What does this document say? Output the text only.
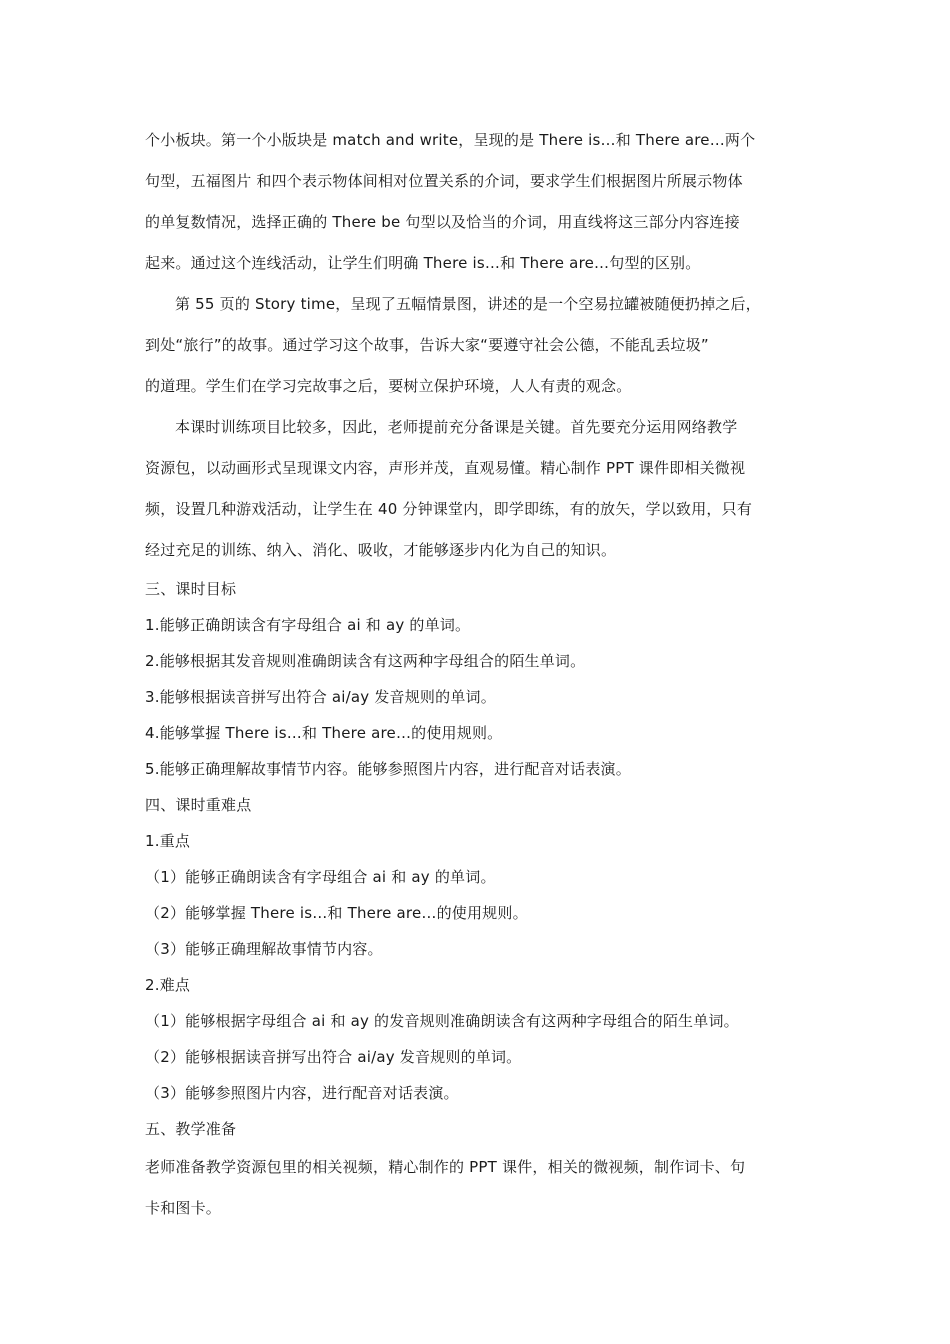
个小板块。第一个小版块是 match and write，呈现的是 There is…和 There are…两个

句型，五福图片 和四个表示物体间相对位置关系的介词，要求学生们根据图片所展示物体

的单复数情况，选择正确的 There be 句型以及恰当的介词，用直线将这三部分内容连接

起来。通过这个连线活动，让学生们明确 There is…和 There are…句型的区别。

第 55 页的 Story time，呈现了五幅情景图，讲述的是一个空易拉罐被随便扔掉之后，

到处“旅行”的故事。通过学习这个故事，告诉大家“要遵守社会公德，不能乱丢垃圾”

的道理。学生们在学习完故事之后，要树立保护环境，人人有责的观念。

本课时训练项目比较多，因此，老师提前充分备课是关键。首先要充分运用网络教学

资源包，以动画形式呈现课文内容，声形并茂，直观易懂。精心制作 PPT 课件即相关微视

频，设置几种游戏活动，让学生在 40 分钟课堂内，即学即练，有的放矢，学以致用，只有

经过充足的训练、纳入、消化、吸收，才能够逐步内化为自己的知识。

三、课时目标

1.能够正确朗读含有字母组合 ai 和 ay 的单词。

2.能够根据其发音规则准确朗读含有这两种字母组合的陌生单词。

3.能够根据读音拼写出符合 ai/ay 发音规则的单词。

4.能够掌握 There is…和 There are…的使用规则。

5.能够正确理解故事情节内容。能够参照图片内容，进行配音对话表演。

四、课时重难点

1.重点

（1）能够正确朗读含有字母组合 ai 和 ay 的单词。

（2）能够掌握 There is…和 There are…的使用规则。

（3）能够正确理解故事情节内容。

2.难点

（1）能够根据字母组合 ai 和 ay 的发音规则准确朗读含有这两种字母组合的陌生单词。

（2）能够根据读音拼写出符合 ai/ay 发音规则的单词。

（3）能够参照图片内容，进行配音对话表演。

五、教学准备

老师准备教学资源包里的相关视频，精心制作的 PPT 课件，相关的微视频，制作词卡、句

卡和图卡。
